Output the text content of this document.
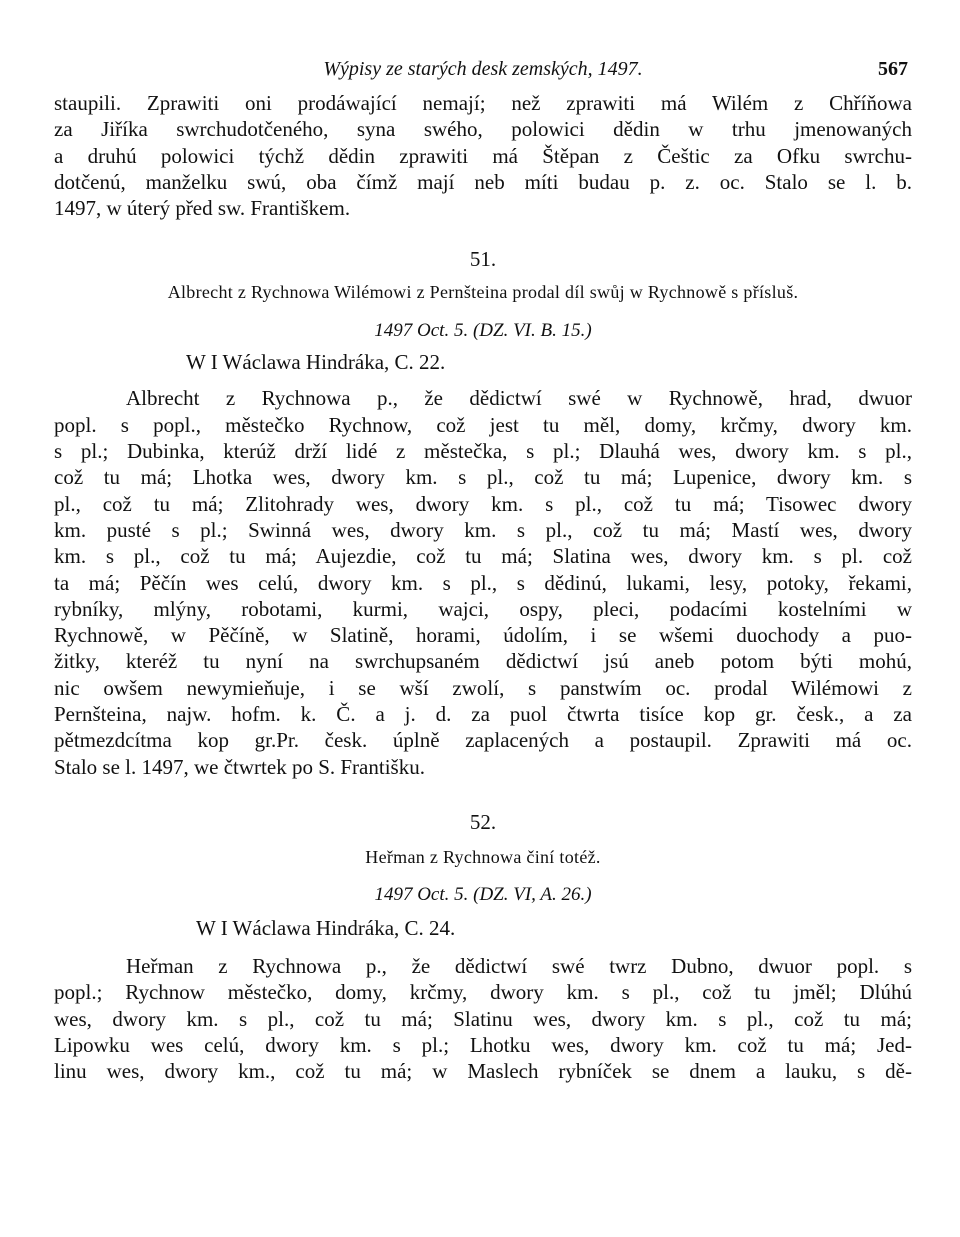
Wýpisy ze starých desk zemských, 1497.	567
staupili. Zprawiti oni prodáwající nemají; než zprawiti má Wilém z Chříňowa
za Jiříka swrchudotčeného, syna swého, polowici dědin w trhu jmenowaných
a druhú polowici týchž dědin zprawiti má Štěpan z Češtic za Ofku swrchu-
dotčenú, manželku swú, oba čímž mají neb míti budau p. z. oc. Stalo se l. b.
1497, w úterý před sw. Františkem.

51.

Albrecht z Rychnowa Wilémowi z Pernšteina prodal díl swůj w Rychnowě s přísluš.

1497 Oct. 5. (DZ. VI. B. 15.)

W I Wáclawa Hindráka, C. 22.

Albrecht z Rychnowa p., že dědictwí swé w Rychnowě, hrad, dwuor
popl. s popl., městečko Rychnow, což jest tu měl, domy, krčmy, dwory km.
s pl.; Dubinka, kterúž drží lidé z městečka, s pl.; Dlauhá wes, dwory km. s pl.,
což tu má; Lhotka wes, dwory km. s pl., což tu má; Lupenice, dwory km. s
pl., což tu má; Zlitohrady wes, dwory km. s pl., což tu má; Tisowec dwory
km. pusté s pl.; Swinná wes, dwory km. s pl., což tu má; Mastí wes, dwory
km. s pl., což tu má; Aujezdie, což tu má; Slatina wes, dwory km. s pl. což
ta má; Pěčín wes celú, dwory km. s pl., s dědinú, lukami, lesy, potoky, řekami,
rybníky, mlýny, robotami, kurmi, wajci, ospy, pleci, podacími kostelními w
Rychnowě, w Pěčíně, w Slatině, horami, údolím, i se wšemi duochody a puo-
žitky, kteréž tu nyní na swrchupsaném dědictwí jsú aneb potom býti mohú,
nic owšem newymieňuje, i se wší zwolí, s panstwím oc. prodal Wilémowi z
Pernšteina, najw. hofm. k. Č. a j. d. za puol čtwrta tisíce kop gr. česk., a za
pětmezdcítma kop gr.Pr. česk. úplně zaplacených a postaupil. Zprawiti má oc.
Stalo se l. 1497, we čtwrtek po S. Františku.

52.

Heřman z Rychnowa činí totéž.

1497 Oct. 5. (DZ. VI, A. 26.)

W I Wáclawa Hindráka, C. 24.

Heřman z Rychnowa p., že dědictwí swé twrz Dubno, dwuor popl. s
popl.; Rychnow městečko, domy, krčmy, dwory km. s pl., což tu jměl; Dlúhú
wes, dwory km. s pl., což tu má; Slatinu wes, dwory km. s pl., což tu má;
Lipowku wes celú, dwory km. s pl.; Lhotku wes, dwory km. což tu má; Jed-
linu wes, dwory km., což tu má; w Maslech rybníček se dnem a lauku, s dě-
